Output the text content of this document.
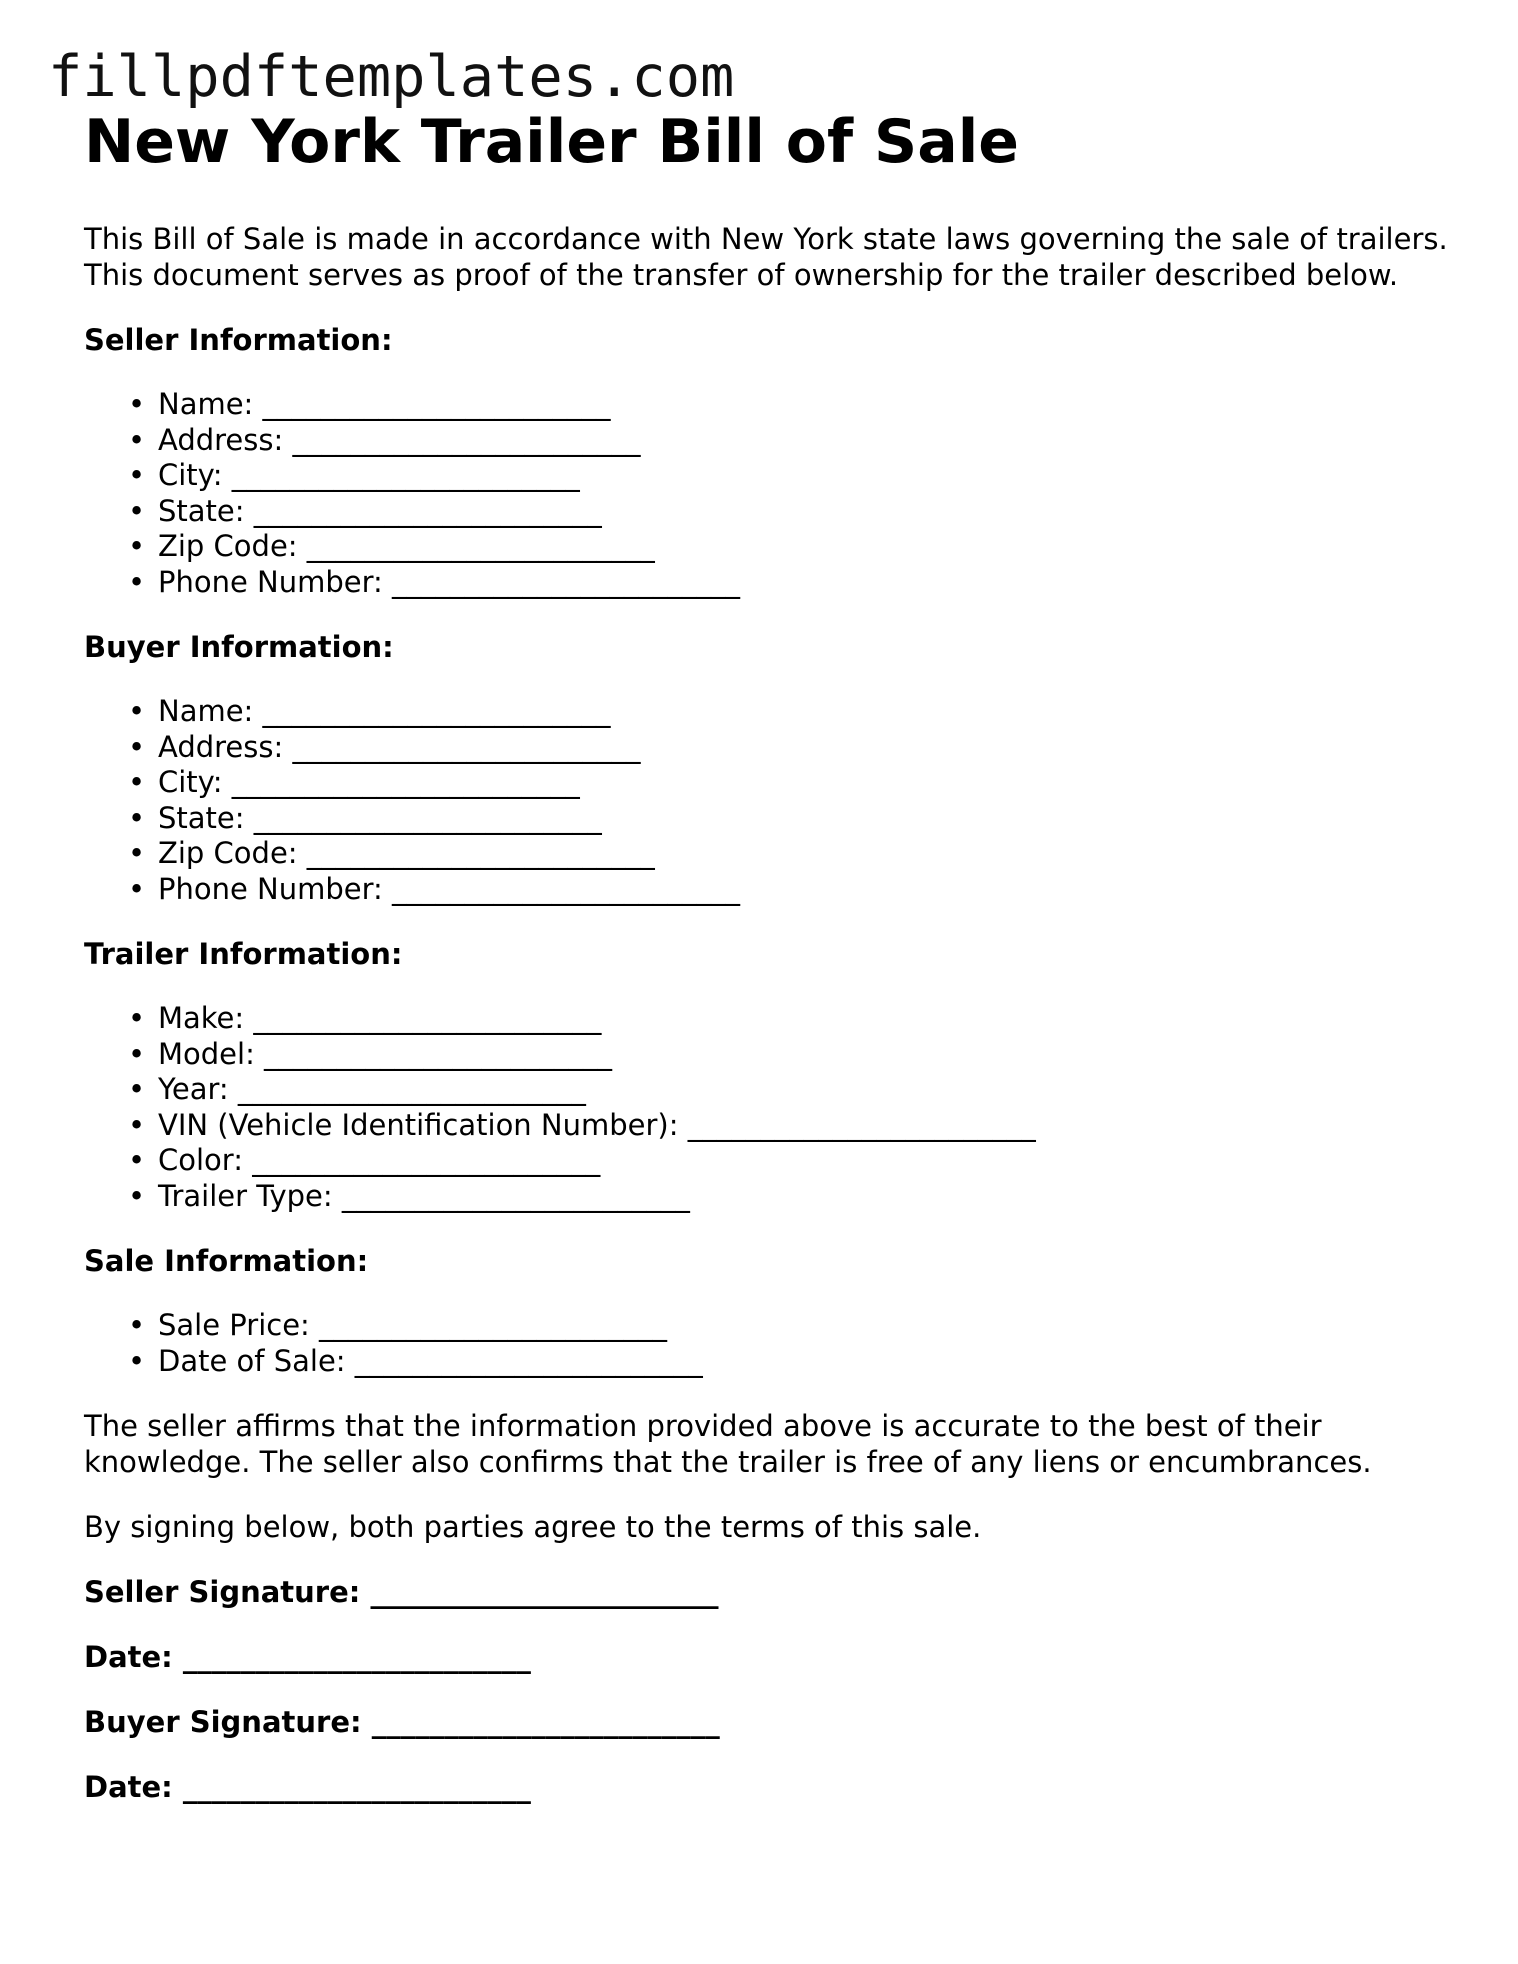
fillpdftemplates.com
New York Trailer Bill of Sale

This Bill of Sale is made in accordance with New York state laws governing the sale of trailers. This document serves as proof of the transfer of ownership for the trailer described below.

Seller Information:

• Name: ________________________
• Address: ________________________
• City: ________________________
• State: ________________________
• Zip Code: ________________________
• Phone Number: ________________________

Buyer Information:

• Name: ________________________
• Address: ________________________
• City: ________________________
• State: ________________________
• Zip Code: ________________________
• Phone Number: ________________________

Trailer Information:

• Make: ________________________
• Model: ________________________
• Year: ________________________
• VIN (Vehicle Identification Number): ________________________
• Color: ________________________
• Trailer Type: ________________________

Sale Information:

• Sale Price: ________________________
• Date of Sale: ________________________

The seller affirms that the information provided above is accurate to the best of their knowledge. The seller also confirms that the trailer is free of any liens or encumbrances.

By signing below, both parties agree to the terms of this sale.

Seller Signature: ________________________

Date: ________________________

Buyer Signature: ________________________

Date: ________________________
